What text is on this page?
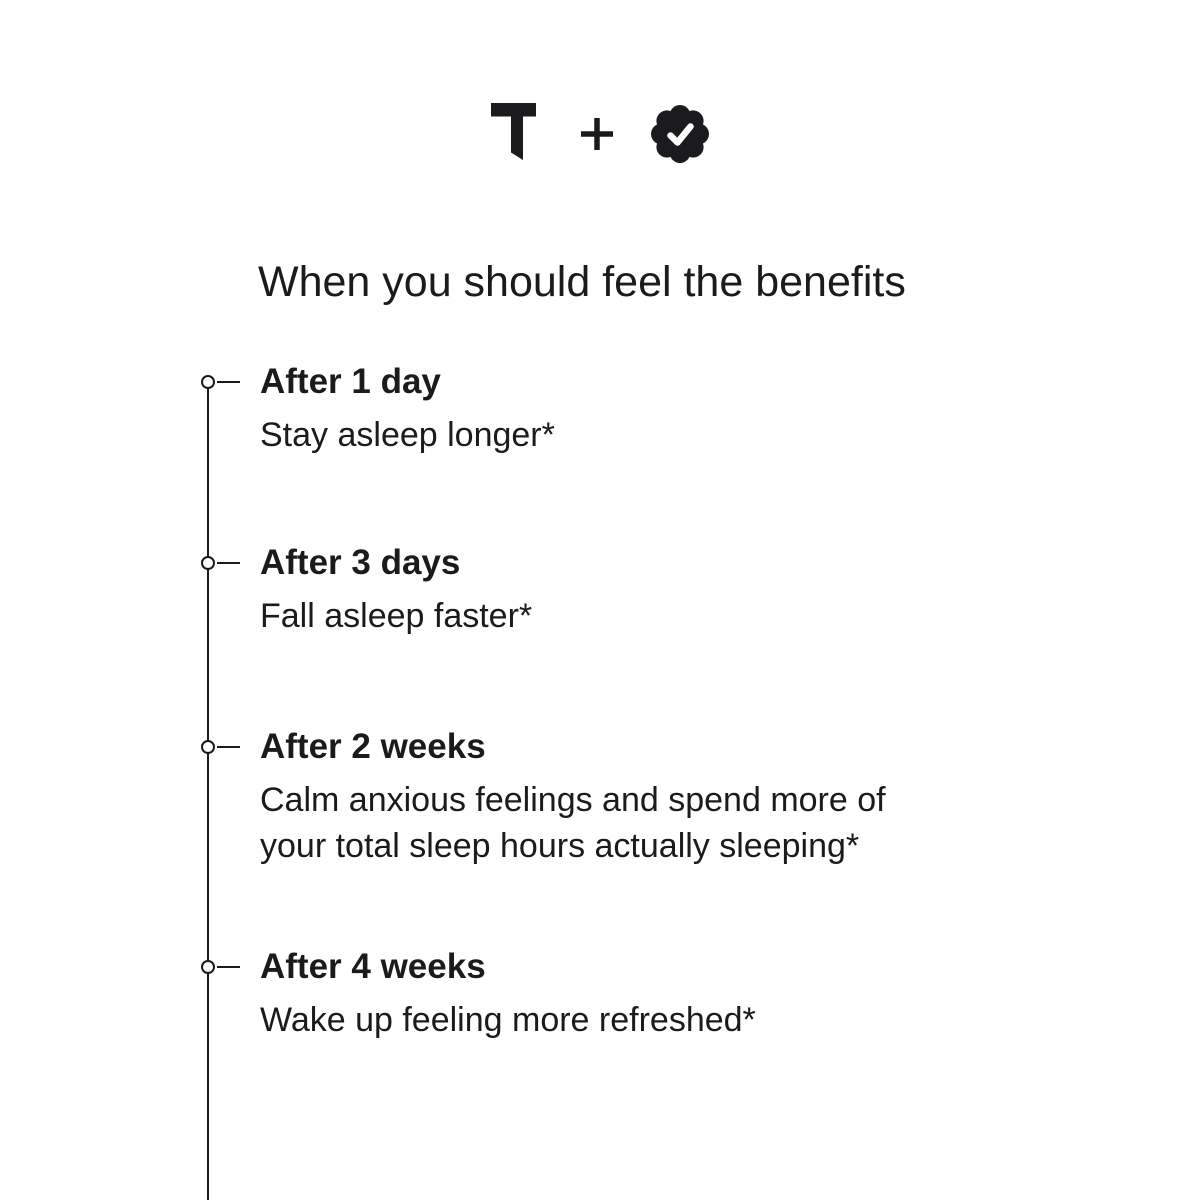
When you should feel the benefits
After 1 day
Stay asleep longer*
After 3 days
Fall asleep faster*
After 2 weeks
Calm anxious feelings and spend more of your total sleep hours actually sleeping*
After 4 weeks
Wake up feeling more refreshed*
